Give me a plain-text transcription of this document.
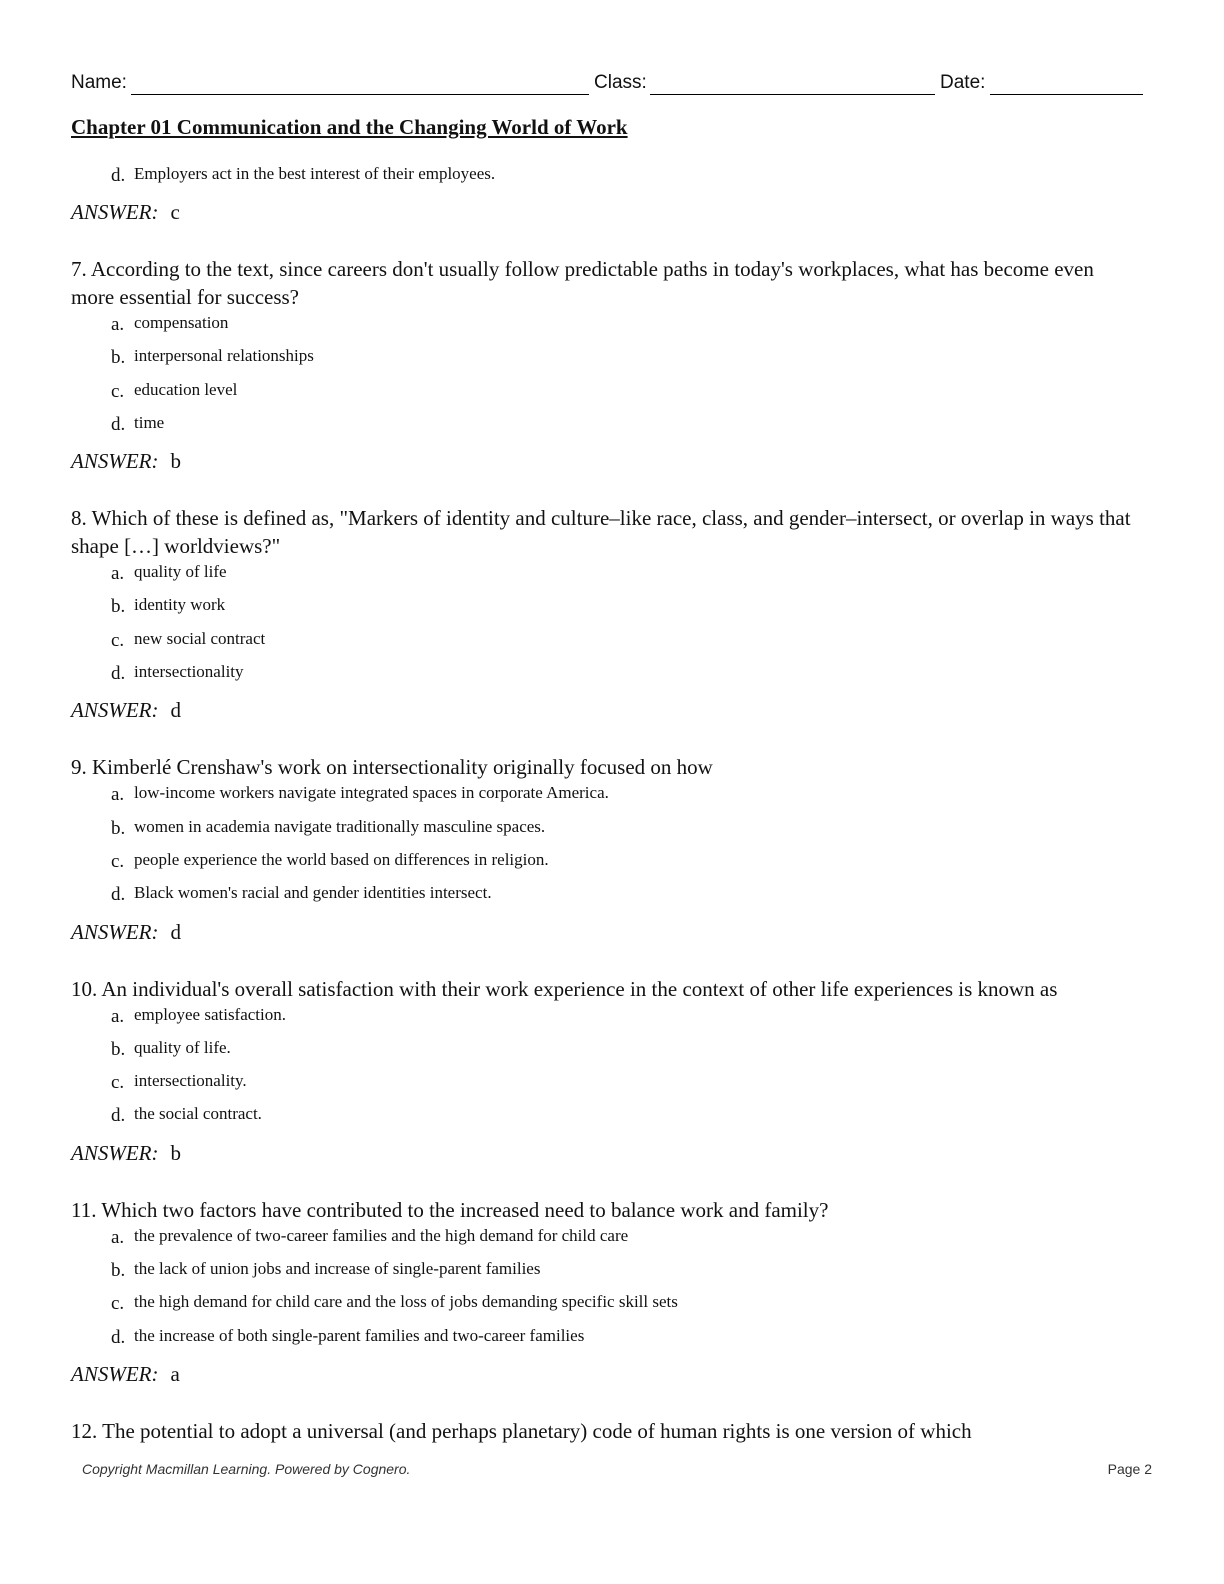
Name:	Class:	Date:
Chapter 01 Communication and the Changing World of Work
d. Employers act in the best interest of their employees.
ANSWER: c
7. According to the text, since careers don't usually follow predictable paths in today's workplaces, what has become even more essential for success?
a. compensation
b. interpersonal relationships
c. education level
d. time
ANSWER: b
8. Which of these is defined as, "Markers of identity and culture–like race, class, and gender–intersect, or overlap in ways that shape […] worldviews?"
a. quality of life
b. identity work
c. new social contract
d. intersectionality
ANSWER: d
9. Kimberlé Crenshaw's work on intersectionality originally focused on how
a. low-income workers navigate integrated spaces in corporate America.
b. women in academia navigate traditionally masculine spaces.
c. people experience the world based on differences in religion.
d. Black women's racial and gender identities intersect.
ANSWER: d
10. An individual's overall satisfaction with their work experience in the context of other life experiences is known as
a. employee satisfaction.
b. quality of life.
c. intersectionality.
d. the social contract.
ANSWER: b
11. Which two factors have contributed to the increased need to balance work and family?
a. the prevalence of two-career families and the high demand for child care
b. the lack of union jobs and increase of single-parent families
c. the high demand for child care and the loss of jobs demanding specific skill sets
d. the increase of both single-parent families and two-career families
ANSWER: a
12. The potential to adopt a universal (and perhaps planetary) code of human rights is one version of which
Copyright Macmillan Learning. Powered by Cognero.	Page 2
